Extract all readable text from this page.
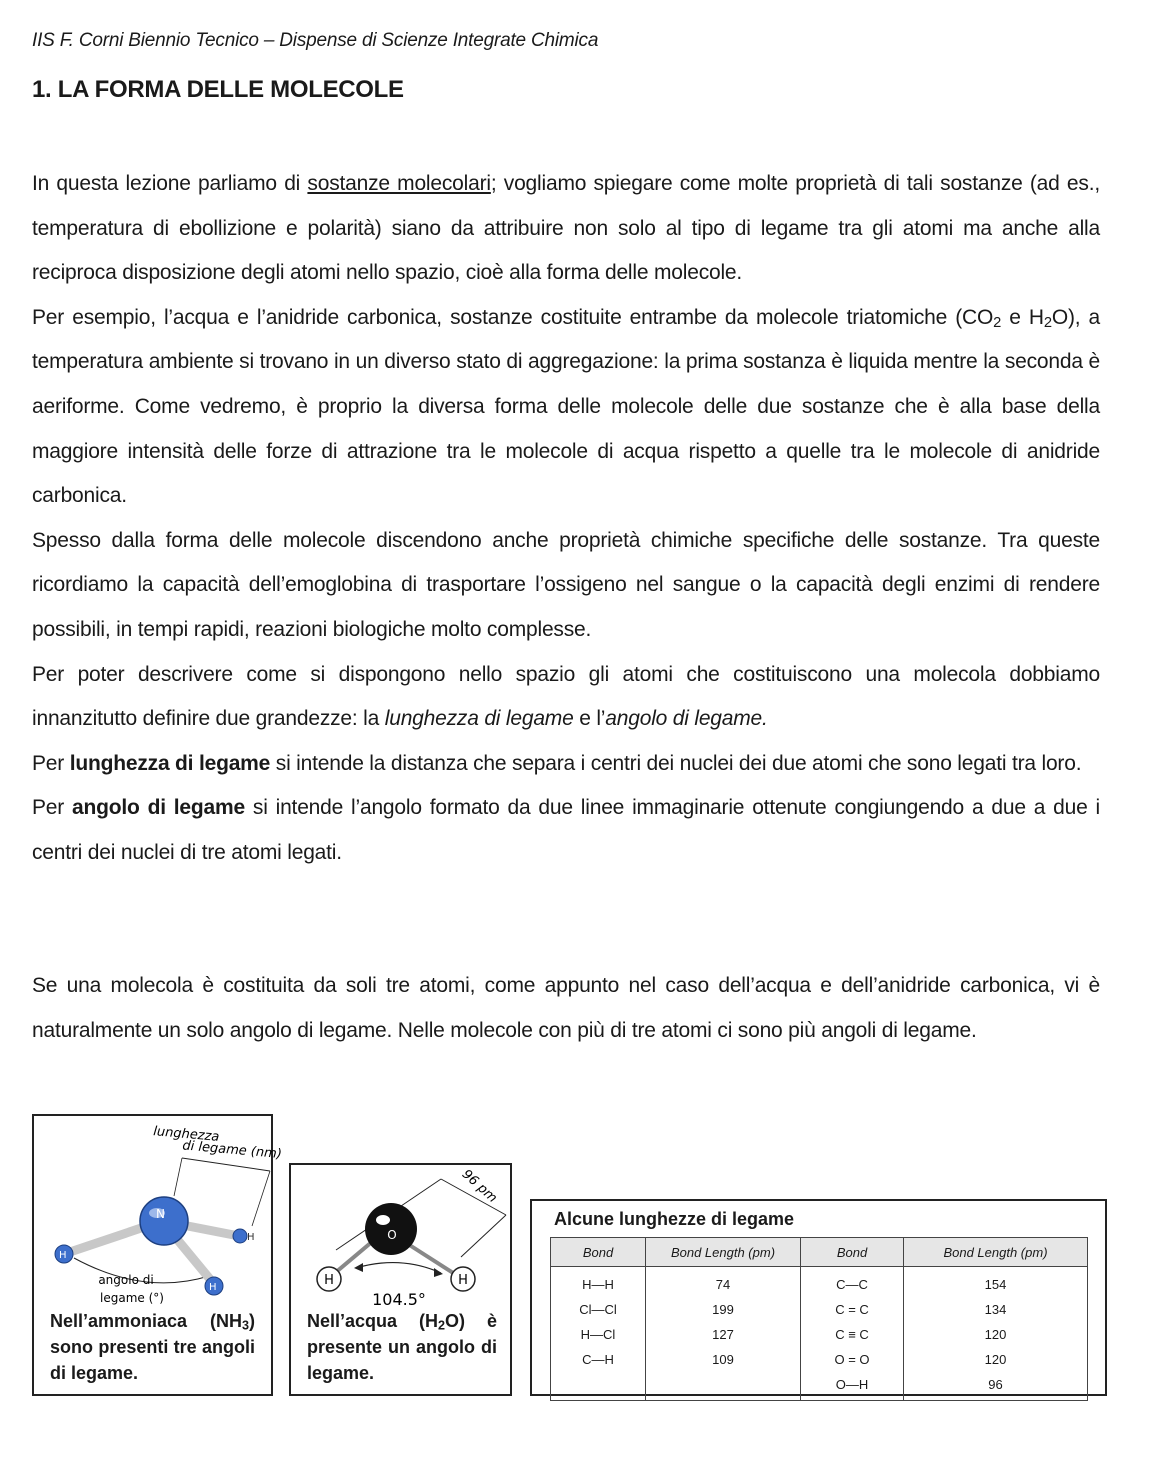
IIS F. Corni Biennio Tecnico – Dispense di Scienze Integrate Chimica
1. LA FORMA DELLE MOLECOLE

In questa lezione parliamo di sostanze molecolari; vogliamo spiegare come molte proprietà di tali sostanze (ad es., temperatura di ebollizione e polarità) siano da attribuire non solo al tipo di legame tra gli atomi ma anche alla reciproca disposizione degli atomi nello spazio, cioè alla forma delle molecole.

Per esempio, l’acqua e l’anidride carbonica, sostanze costituite entrambe da molecole triatomiche ($CO_2$ e $H_2O$), a temperatura ambiente si trovano in un diverso stato di aggregazione: la prima sostanza è liquida mentre la seconda è aeriforme. Come vedremo, è proprio la diversa forma delle molecole delle due sostanze che è alla base della maggiore intensità delle forze di attrazione tra le molecole di acqua rispetto a quelle tra le molecole di anidride carbonica.

Spesso dalla forma delle molecole discendono anche proprietà chimiche specifiche delle sostanze. Tra queste ricordiamo la capacità dell’emoglobina di trasportare l’ossigeno nel sangue o la capacità degli enzimi di rendere possibili, in tempi rapidi, reazioni biologiche molto complesse.

Per poter descrivere come si dispongono nello spazio gli atomi che costituiscono una molecola dobbiamo innanzitutto definire due grandezze: la lunghezza di legame e l’angolo di legame.

Per lunghezza di legame si intende la distanza che separa i centri dei nuclei dei due atomi che sono legati tra loro.

Per angolo di legame si intende l’angolo formato da due linee immaginarie ottenute congiungendo a due a due i centri dei nuclei di tre atomi legati.

Se una molecola è costituita da soli tre atomi, come appunto nel caso dell’acqua e dell’anidride carbonica, vi è naturalmente un solo angolo di legame. Nelle molecole con più di tre atomi ci sono più angoli di legame.

lunghezza
di legame (nm)
N
H
H
H
angolo di
legame (°)
Nell’ammoniaca $(NH_3)$ sono presenti tre angoli di legame.
96 pm
O
H	H
104.5°
Nell’acqua $(H_2O)$ è presente un angolo di legame.
Alcune lunghezze di legame
Bond	Bond Length (pm)	Bond	Bond Length (pm)
H—H	74	C—C	154
Cl—Cl	199	C = C	134
H—Cl	127	C ≡ C	120
C—H	109	O = O	120
		O—H	96
